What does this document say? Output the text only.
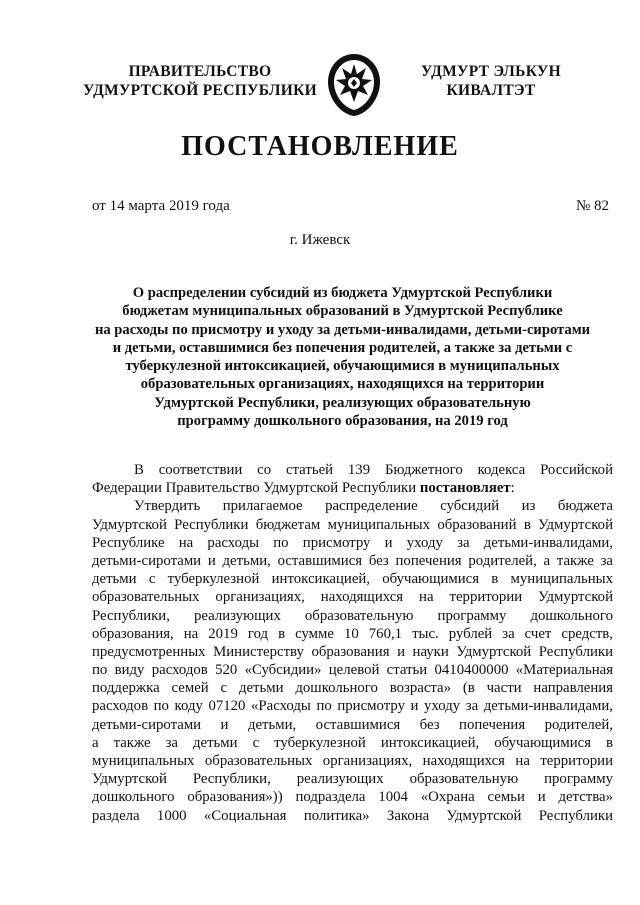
ПРАВИТЕЛЬСТВО
УДМУРТСКОЙ РЕСПУБЛИКИ
УДМУРТ ЭЛЬКУН
КИВАЛТЭТ
ПОСТАНОВЛЕНИЕ
от 14 марта 2019 года	№ 82
г. Ижевск
О распределении субсидий из бюджета Удмуртской Республики
бюджетам муниципальных образований в Удмуртской Республике
на расходы по присмотру и уходу за детьми-инвалидами, детьми-сиротами
и детьми, оставшимися без попечения родителей, а также за детьми с
туберкулезной интоксикацией, обучающимися в муниципальных
образовательных организациях, находящихся на территории
Удмуртской Республики, реализующих образовательную
программу дошкольного образования, на 2019 год
В соответствии со статьей 139 Бюджетного кодекса Российской
Федерации Правительство Удмуртской Республики постановляет:
Утвердить прилагаемое распределение субсидий из бюджета
Удмуртской Республики бюджетам муниципальных образований в Удмуртской
Республике на расходы по присмотру и уходу за детьми-инвалидами,
детьми-сиротами и детьми, оставшимися без попечения родителей, а также за
детьми с туберкулезной интоксикацией, обучающимися в муниципальных
образовательных организациях, находящихся на территории Удмуртской
Республики, реализующих образовательную программу дошкольного
образования, на 2019 год в сумме 10 760,1 тыс. рублей за счет средств,
предусмотренных Министерству образования и науки Удмуртской Республики
по виду расходов 520 «Субсидии» целевой статьи 0410400000 «Материальная
поддержка семей с детьми дошкольного возраста» (в части направления
расходов по коду 07120 «Расходы по присмотру и уходу за детьми-инвалидами,
детьми-сиротами и детьми, оставшимися без попечения родителей,
а также за детьми с туберкулезной интоксикацией, обучающимися в
муниципальных образовательных организациях, находящихся на территории
Удмуртской Республики, реализующих образовательную программу
дошкольного образования»)) подраздела 1004 «Охрана семьи и детства»
раздела 1000 «Социальная политика» Закона Удмуртской Республики
